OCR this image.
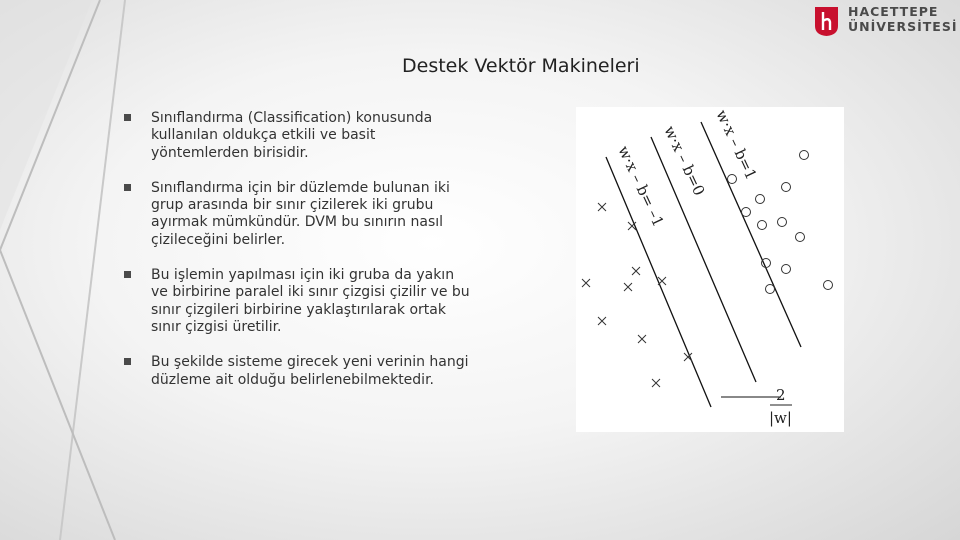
HACETTEPE
ÜNİVERSİTESİ
Destek Vektör Makineleri
Sınıflandırma (Classification) konusunda kullanılan oldukça etkili ve basit yöntemlerden birisidir.
Sınıflandırma için bir düzlemde bulunan iki grup arasında bir sınır çizilerek iki grubu ayırmak mümkündür. DVM bu sınırın nasıl çizileceğini belirler.
Bu işlemin yapılması için iki gruba da yakın ve birbirine paralel iki sınır çizgisi çizilir ve bu sınır çizgileri birbirine yaklaştırılarak ortak sınır çizgisi üretilir.
Bu şekilde sisteme girecek yeni verinin hangi düzleme ait olduğu belirlenebilmektedir.
w·x – b=1
w·x – b=0
w·x – b= –1
2
|w|
